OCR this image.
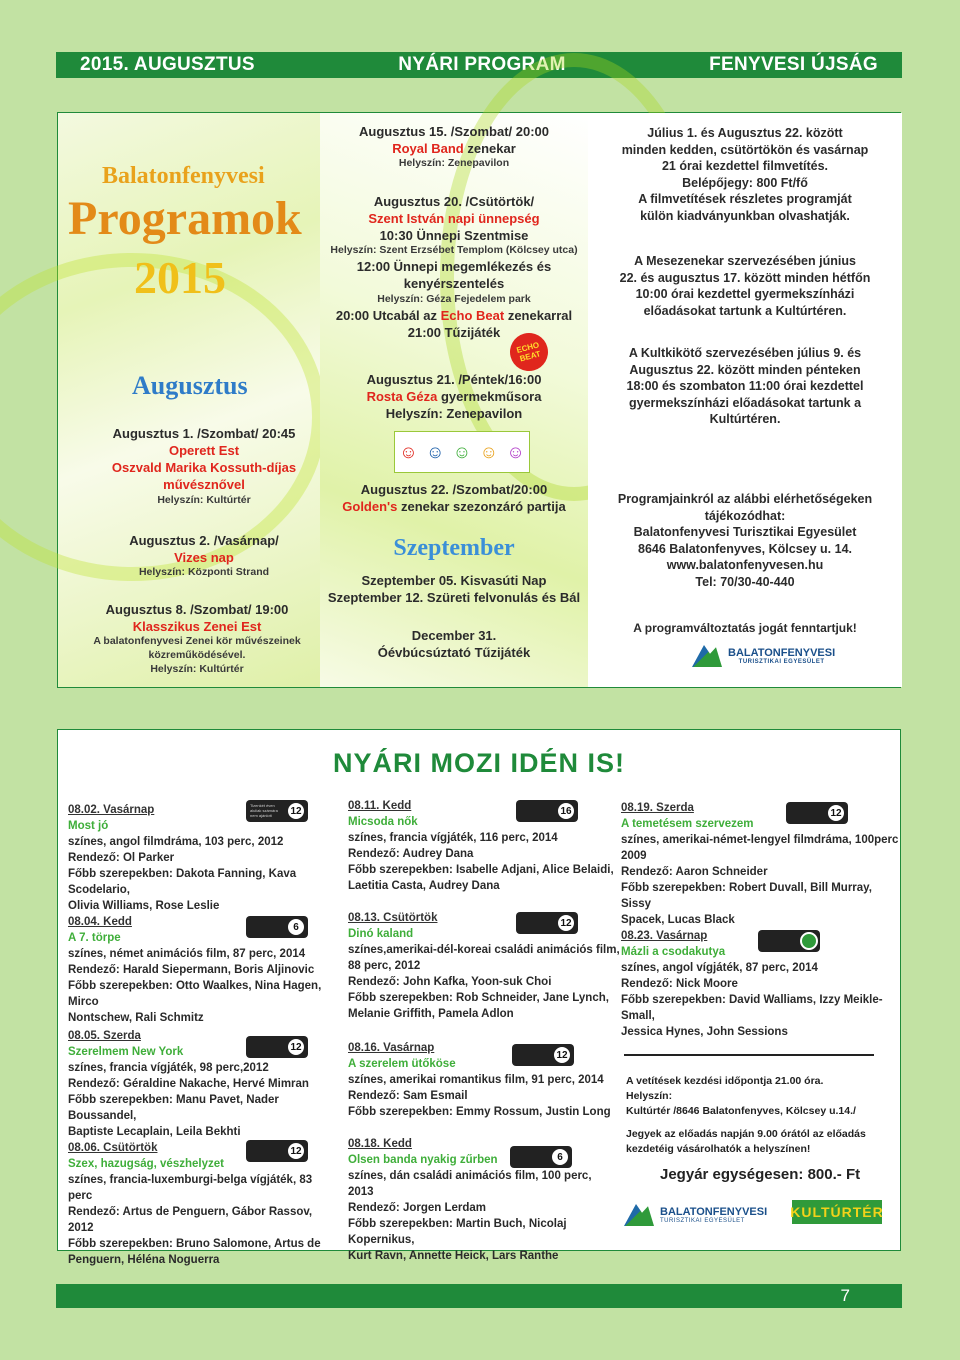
2015. AUGUSZTUS	NYÁRI PROGRAM	FENYVESI ÚJSÁG
Balatonfenyvesi
Programok
2015
Augusztus
Augusztus 1. /Szombat/ 20:45
Operett Est
Oszvald Marika Kossuth-díjas
művésznővel
Helyszín: Kultúrtér
Augusztus 2. /Vasárnap/
Vizes nap
Helyszín: Központi Strand
Augusztus 8. /Szombat/ 19:00
Klasszikus Zenei Est
A balatonfenyvesi Zenei kör művészeinek
közreműködésével.
Helyszín: Kultúrtér
Augusztus 15. /Szombat/ 20:00
Royal Band zenekar
Helyszín: Zenepavilon
Augusztus 20. /Csütörtök/
Szent István napi ünnepség
10:30 Ünnepi Szentmise
Helyszín: Szent Erzsébet Templom (Kölcsey utca)
12:00 Ünnepi megemlékezés és
kenyérszentelés
Helyszín: Géza Fejedelem park
20:00 Utcabál az Echo Beat zenekarral
21:00 Tűzijáték
ECHO BEAT
Augusztus 21. /Péntek/16:00
Rosta Géza gyermekműsora
Helyszín: Zenepavilon
☺ ☺ ☺ ☺ ☺
Augusztus 22. /Szombat/20:00
Golden's zenekar szezonzáró partija
Szeptember
Szeptember 05. Kisvasúti Nap
Szeptember 12. Szüreti felvonulás és Bál
December 31.
Óévbúcsúztató Tűzijáték
Július 1. és Augusztus 22. között
minden kedden, csütörtökön és vasárnap
21 órai kezdettel filmvetítés.
Belépőjegy: 800 Ft/fő
A filmvetítések részletes programját
külön kiadványunkban olvashatják.
A Mesezenekar szervezésében június
22. és augusztus 17. között minden hétfőn
10:00 órai kezdettel gyermekszínházi
előadásokat tartunk a Kultúrtéren.
A Kultkikötő szervezésében július 9. és
Augusztus 22. között minden pénteken
18:00 és szombaton 11:00 órai kezdettel
gyermekszínházi előadásokat tartunk a
Kultúrtéren.
Programjainkról az alábbi elérhetőségeken
tájékozódhat:
Balatonfenyvesi Turisztikai Egyesület
8646 Balatonfenyves, Kölcsey u. 14.
www.balatonfenyvesen.hu
Tel: 70/30-40-440
A programváltoztatás jogát fenntartjuk!
BALATONFENYVESI
TURISZTIKAI EGYESÜLET
NYÁRI MOZI IDÉN IS!
08.02. Vasárnap
Most jó
színes, angol filmdráma, 103 perc, 2012
Rendező: Ol Parker
Főbb szerepekben: Dakota Fanning, Kava Scodelario,
Olivia Williams, Rose Leslie
Tizenkét éven aluliak számára nem ajánlott	12
08.04. Kedd
A 7. törpe
színes, német animációs film, 87 perc, 2014
Rendező: Harald Siepermann, Boris Aljinovic
Főbb szerepekben: Otto Waalkes, Nina Hagen, Mirco
Nontschew, Rali Schmitz
6
08.05. Szerda
Szerelmem New York
színes, francia vígjáték, 98 perc,2012
Rendező: Géraldine Nakache, Hervé Mimran
Főbb szerepekben: Manu Pavet, Nader Boussandel,
Baptiste Lecaplain, Leila Bekhti
12
08.06. Csütörtök
Szex, hazugság, vészhelyzet
színes, francia-luxemburgi-belga vígjáték, 83 perc
Rendező: Artus de Penguern, Gábor Rassov, 2012
Főbb szerepekben: Bruno Salomone, Artus de
Penguern, Héléna Noguerra
12
08.11. Kedd
Micsoda nők
színes, francia vígjáték, 116 perc, 2014
Rendező: Audrey Dana
Főbb szerepekben: Isabelle Adjani, Alice Belaidi,
Laetitia Casta, Audrey Dana
16
08.13. Csütörtök
Dinó kaland
színes,amerikai-dél-koreai családi animációs film,
88 perc, 2012
Rendező: John Kafka, Yoon-suk Choi
Főbb szerepekben: Rob Schneider, Jane Lynch,
Melanie Griffith, Pamela Adlon
12
08.16. Vasárnap
A szerelem ütőköse
színes, amerikai romantikus film, 91 perc, 2014
Rendező: Sam Esmail
Főbb szerepekben: Emmy Rossum, Justin Long
12
08.18. Kedd
Olsen banda nyakig zűrben
színes, dán családi animációs film, 100 perc, 2013
Rendező: Jorgen Lerdam
Főbb szerepekben: Martin Buch, Nicolaj Kopernikus,
Kurt Ravn, Annette Heick, Lars Ranthe
6
08.19. Szerda
A temetésem szervezem
színes, amerikai-német-lengyel filmdráma, 100perc
2009
Rendező: Aaron Schneider
Főbb szerepekben: Robert Duvall, Bill Murray, Sissy
Spacek, Lucas Black
12
08.23. Vasárnap
Mázli a csodakutya
színes, angol vígjáték, 87 perc, 2014
Rendező: Nick Moore
Főbb szerepekben: David Walliams, Izzy Meikle-Small,
Jessica Hynes, John Sessions
A vetítések kezdési időpontja 21.00 óra.
Helyszín:
Kultúrtér /8646 Balatonfenyves, Kölcsey u.14./
Jegyek az előadás napján 9.00 órától az előadás
kezdetéig vásárolhatók a helyszínen!
Jegyár egységesen: 800.- Ft
BALATONFENYVESI
TURISZTIKAI EGYESÜLET
KULTÚRTÉR
7
